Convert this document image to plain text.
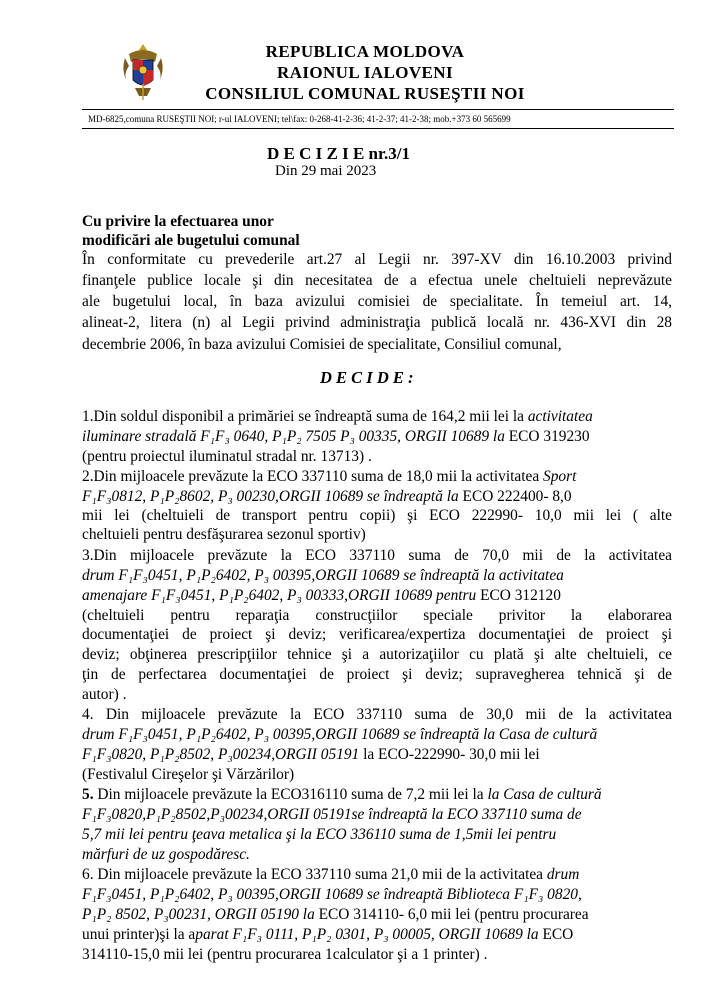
REPUBLICA MOLDOVA
RAIONUL IALOVENI
CONSILIUL COMUNAL RUSEŞTII NOI
MD-6825,comuna RUSEŞTII NOI; r-ul IALOVENI; tel\fax: 0-268-41-2-36; 41-2-37; 41-2-38; mob.+373 60 565699
D E C I Z I E nr.3/1
Din 29 mai 2023
Cu privire la efectuarea unor
modificări ale bugetului comunal
În conformitate cu prevederile art.27 al Legii nr. 397-XV din 16.10.2003 privind
finanţele publice locale şi din necesitatea de a efectua unele cheltuieli neprevăzute
ale bugetului local, în baza avizului comisiei de specialitate. În temeiul art. 14,
alineat-2, litera (n) al Legii privind administraţia publică locală nr. 436-XVI din 28
decembrie 2006, în baza avizului Comisiei de specialitate, Consiliul comunal,
D E C I D E :
1.Din soldul disponibil a primăriei se îndreaptă suma de 164,2 mii lei la activitatea
iluminare stradală F₁F₃ 0640, P₁P₂ 7505 P₃ 00335, ORGII 10689 la ECO 319230
(pentru proiectul iluminatul stradal nr. 13713) .
2.Din mijloacele prevăzute la ECO 337110 suma de 18,0 mii la activitatea Sport
F₁F₃0812, P₁P₂8602, P₃ 00230,ORGII 10689 se îndreaptă la ECO 222400- 8,0
mii lei (cheltuieli de transport pentru copii) şi ECO 222990- 10,0 mii lei ( alte
cheltuieli pentru desfăşurarea sezonul sportiv)
3.Din mijloacele prevăzute la ECO 337110 suma de 70,0 mii de la activitatea
drum F₁F₃0451, P₁P₂6402, P₃ 00395,ORGII 10689 se îndreaptă la activitatea
amenajare F₁F₃0451, P₁P₂6402, P₃ 00333,ORGII 10689 pentru ECO 312120
(cheltuieli pentru reparaţia construcţiilor speciale privitor la elaborarea
documentaţiei de proiect şi deviz; verificarea/expertiza documentaţiei de proiect şi
deviz; obţinerea prescripţiilor tehnice şi a autorizaţiilor cu plată şi alte cheltuieli, ce
ţin de perfectarea documentaţiei de proiect şi deviz; supravegherea tehnică şi de
autor) .
4. Din mijloacele prevăzute la ECO 337110 suma de 30,0 mii de la activitatea
drum F₁F₃0451, P₁P₂6402, P₃ 00395,ORGII 10689 se îndreaptă la Casa de cultură
F₁F₃0820, P₁P₂8502, P₃00234,ORGII 05191 la ECO-222990- 30,0 mii lei
(Festivalul Cireşelor şi Vărzărilor)
5. Din mijloacele prevăzute la ECO316110 suma de 7,2 mii lei la la Casa de cultură
F₁F₃0820,P₁P₂8502,P₃00234,ORGII 05191se îndreaptă la ECO 337110 suma de
5,7 mii lei pentru ţeava metalica şi la ECO 336110 suma de 1,5mii lei pentru
mărfuri de uz gospodăresc.
6. Din mijloacele prevăzute la ECO 337110 suma 21,0 mii de la activitatea drum
F₁F₃0451, P₁P₂6402, P₃ 00395,ORGII 10689 se îndreaptă Biblioteca F₁F₃ 0820,
P₁P₂ 8502, P₃00231, ORGII 05190 la ECO 314110- 6,0 mii lei (pentru procurarea
unui printer)şi la aparat F₁F₃ 0111, P₁P₂ 0301, P₃ 00005, ORGII 10689 la ECO
314110-15,0 mii lei (pentru procurarea 1calculator şi a 1 printer) .
